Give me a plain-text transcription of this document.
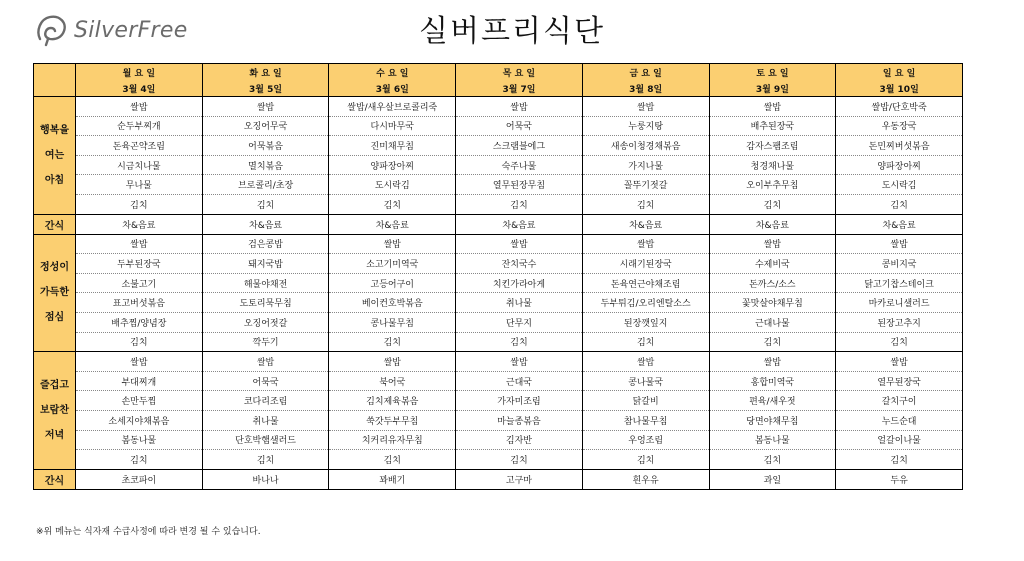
SilverFree	실버프리식단
	월 요 일	화 요 일	수 요 일	목 요 일	금 요 일	토 요 일	일 요 일
	3월 4일	3월 5일	3월 6일	3월 7일	3월 8일	3월 9일	3월 10일

행복을
여는
아침	쌀밥	쌀밥	쌀밥/새우살브로콜리죽	쌀밥	쌀밥	쌀밥	쌀밥/단호박죽
	순두부찌개	오징어무국	다시마무국	어묵국	누룽지탕	배추된장국	우동장국
	돈육곤약조림	어묵볶음	진미채무침	스크램블에그	새송이청경채볶음	감자스팸조림	돈민찌버섯볶음
	시금치나물	멸치볶음	양파장아찌	숙주나물	가지나물	청경채나물	양파장아찌
	무나물	브로콜리/초장	도시락김	열무된장무침	꼴뚜기젓갈	오이부추무침	도시락김
	김치	김치	김치	김치	김치	김치	김치
간식	차&음료	차&음료	차&음료	차&음료	차&음료	차&음료	차&음료

정성이
가득한
점심	쌀밥	검은콩밥	쌀밥	쌀밥	쌀밥	쌀밥	쌀밥
	두부된장국	돼지국밥	소고기미역국	잔치국수	시래기된장국	수제비국	콩비지국
	소불고기	해물야채전	고등어구이	치킨가라아게	돈육연근야채조림	돈까스/소스	닭고기찹스테이크
	표고버섯볶음	도토리묵무침	베이컨호박볶음	취나물	두부튀김/오리엔탈소스	꽃맛살야채무침	마카로니샐러드
	배추찜/양념장	오징어젓갈	콩나물무침	단무지	된장깻잎지	근대나물	된장고추지
	김치	깍두기	김치	김치	김치	김치	김치

즐겁고
보람찬
저녁	쌀밥	쌀밥	쌀밥	쌀밥	쌀밥	쌀밥	쌀밥
	부대찌개	어묵국	북어국	근대국	콩나물국	홍합미역국	열무된장국
	손만두찜	코다리조림	김치제육볶음	가자미조림	닭갈비	편육/새우젓	갈치구이
	소세지야채볶음	취나물	쑥갓두부무침	마늘종볶음	참나물무침	당면야채무침	누드순대
	봄동나물	단호박햄샐러드	치커리유자무침	김자반	우엉조림	봄동나물	얼갈이나물
	김치	김치	김치	김치	김치	김치	김치
간식	초코파이	바나나	꽈배기	고구마	흰우유	과일	두유
※위 메뉴는 식자재 수급사정에 따라 변경 될 수 있습니다.
